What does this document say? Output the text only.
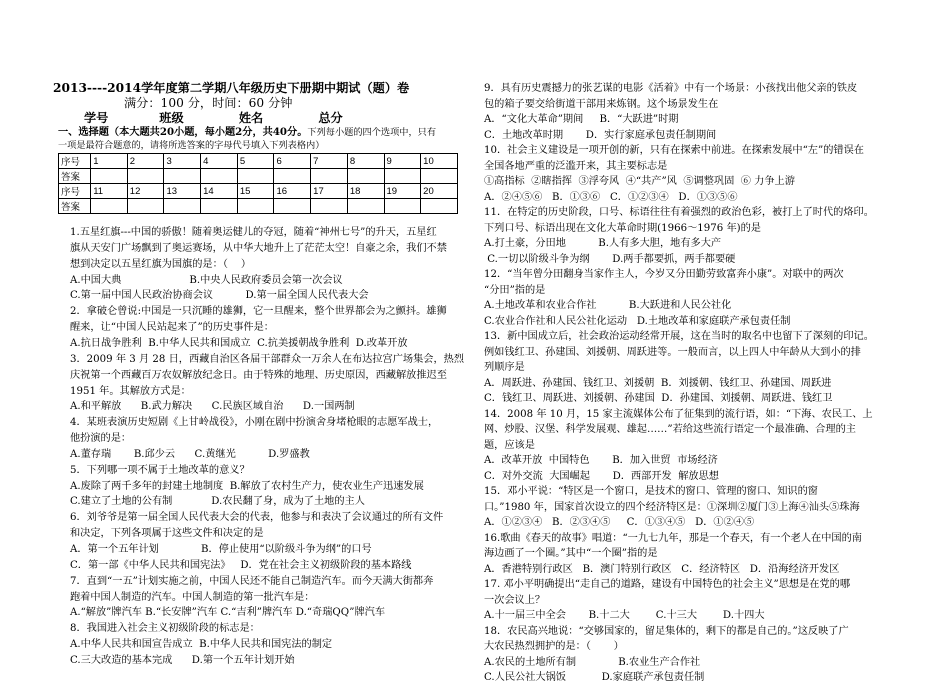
2013----2014学年度第二学期八年级历史下册期中期试（题）卷
满分：100 分，时间：60 分钟
学号            班级             姓名             总分
一、选择题（本大题共20小题，每小题2分，共40分。下列每小题的四个选项中，只有
一项是最符合题意的，请将所选答案的字母代号填入下列表格内）
序号	1	2	3	4	5	6	7	8	9	10
答案										
序号	11	12	13	14	15	16	17	18	19	20
答案										
1.五星红旗---中国的骄傲！随着奥运健儿的夺冠，随着“神州七号”的升天，五星红
旗从天安门广场飘到了奥运赛场，从中华大地升上了茫茫太空！自豪之余，我们不禁
想到决定以五星红旗为国旗的是：（    ）
A.中国大典                     B.中央人民政府委员会第一次会议
C.第一届中国人民政治协商会议          D.第一届全国人民代表大会
2．拿破仑曾说:中国是一只沉睡的雄狮，它一旦醒来，整个世界都会为之颤抖。雄狮
醒来，让“中国人民站起来了”的历史事件是：
A.抗日战争胜利  B.中华人民共和国成立  C.抗美援朝战争胜利  D.改革开放
3．2009 年 3 月 28 日，西藏自治区各届干部群众一万余人在布达拉宫广场集会，热烈
庆祝第一个西藏百万农奴解放纪念日。由于特殊的地理、历史原因，西藏解放推迟至
1951 年。其解放方式是：
A.和平解放      B.武力解决      C.民族区域自治      D.一国两制
4．某班表演历史短剧《上甘岭战役》，小刚在剧中扮演舍身堵枪眼的志愿军战士，
他扮演的是：
A.董存瑞       B.邱少云      C.黄继光          D.罗盛教
5．下列哪一项不属于土地改革的意义？
A.废除了两千多年的封建土地制度  B.解放了农村生产力，使农业生产迅速发展
C.建立了土地的公有制            D.农民翻了身，成为了土地的主人
6．刘爷爷是第一届全国人民代表大会的代表，他参与和表决了会议通过的所有文件
和决定，下列各项属于这些文件和决定的是
A．第一个五年计划             B．停止使用“以阶级斗争为纲”的口号
C．第一部《中华人民共和国宪法》   D．党在社会主义初级阶段的基本路线
7．直到“一五”计划实施之前，中国人民还不能自己制造汽车。而今天满大街都奔
跑着中国人制造的汽车。中国人制造的第一批汽车是：
A.“解放”牌汽车 B.“长安牌”汽车 C.“吉利”牌汽车 D.“奇瑞QQ”牌汽车
8．我国进入社会主义初级阶段的标志是：
A.中华人民共和国宣告成立  B.中华人民共和国宪法的制定
C.三大改造的基本完成      D.第一个五年计划开始
9．具有历史震撼力的张艺谋的电影《活着》中有一个场景：小孩找出他父亲的铁皮
包的箱子要交给街道干部用来炼钢。这个场景发生在
A．“文化大革命”期间     B．“大跃进”时期
C．土地改革时期       D．实行家庭承包责任制期间
10．社会主义建设是一项开创的新，只有在探索中前进。在探索发展中“左”的错误在
全国各地严重的泛滥开来，其主要标志是
①高指标  ②瞎指挥  ③浮夸风  ④“共产”风  ⑤调整巩固  ⑥ 力争上游
A．②④⑤⑥   B．①③⑥   C．①②③④   D．①③⑤⑥
11．在特定的历史阶段，口号、标语往往有着强烈的政治色彩，被打上了时代的烙印。
下列口号、标语出现在文化大革命时期(1966～1976 年)的是
A.打土豪，分田地          B.人有多大胆，地有多大产
C.一切以阶级斗争为纲       D.两手都要抓，两手都要硬
12．“当年曾分田翻身当家作主人，今岁又分田勤劳致富奔小康”。对联中的两次
“分田”指的是
A.土地改革和农业合作社          B.大跃进和人民公社化
C.农业合作社和人民公社化运动   D.土地改革和家庭联产承包责任制
13．新中国成立后，社会政治运动经常开展，这在当时的取名中也留下了深刻的印记。
例如钱红卫、孙建国、刘援朝、周跃进等。一般而言，以上四人中年龄从大到小的排
列顺序是
A．周跃进、孙建国、钱红卫、刘援朝  B．刘援朝、钱红卫、孙建国、周跃进
C．钱红卫、周跃进、刘援朝、孙建国  D．孙建国、刘援朝、周跃进、钱红卫
14．2008 年 10 月，15 家主流媒体公布了征集到的流行语，如：“下海、农民工、上
网、炒股、汉堡、科学发展观、雄起……”若给这些流行语定一个最准确、合理的主
题，应该是
A．改革开放  中国特色       B．加入世贸  市场经济
C．对外交流  大国崛起       D．西部开发  解放思想
15．邓小平说：“特区是一个窗口，是技术的窗口、管理的窗口、知识的窗
口。”1980 年，国家首次设立的四个经济特区是：①深圳②厦门③上海④汕头⑤珠海
A．①②③④   B．②③④⑤     C．①③④⑤   D．①②④⑤
16.歌曲《春天的故事》唱道：“一九七九年，那是一个春天，有一个老人在中国的南
海边画了一个圈。”其中“一个圈”指的是
A．香港特别行政区   B．澳门特别行政区   C．经济特区   D．沿海经济开发区
17. 邓小平明确提出“走自己的道路，建设有中国特色的社会主义”思想是在党的哪
一次会议上？
A.十一届三中全会       B.十二大        C.十三大        D.十四大
18．农民高兴地说：“交够国家的，留足集体的，剩下的都是自己的。”这反映了广
大农民热烈拥护的是：（       ）
A.农民的土地所有制             B.农业生产合作社
C.人民公社大锅饭           D.家庭联产承包责任制
